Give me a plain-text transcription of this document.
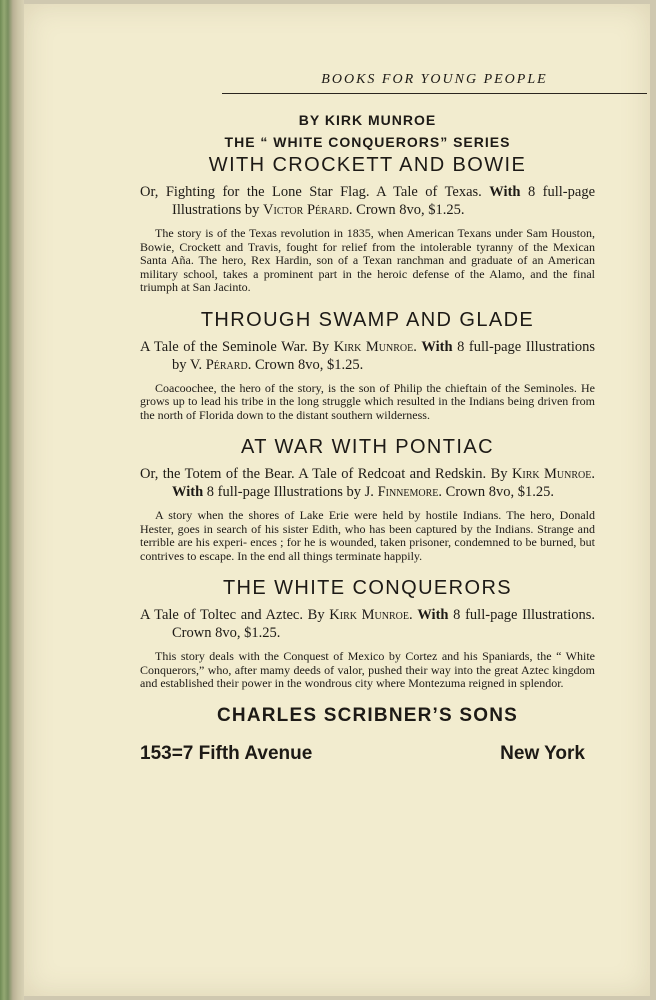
BOOKS FOR YOUNG PEOPLE
BY KIRK MUNROE
THE “ WHITE CONQUERORS” SERIES
WITH CROCKETT AND BOWIE

Or, Fighting for the Lone Star Flag. A Tale of Texas. With 8 full-page Illustrations by Victor Pérard. Crown 8vo, $1.25.

The story is of the Texas revolution in 1835, when American Texans under Sam Houston, Bowie, Crockett and Travis, fought for relief from the intolerable tyranny of the Mexican Santa Aña. The hero, Rex Hardin, son of a Texan ranchman and graduate of an American military school, takes a prominent part in the heroic defense of the Alamo, and the final triumph at San Jacinto.

THROUGH SWAMP AND GLADE

A Tale of the Seminole War. By Kirk Munroe. With 8 full-page Illustrations by V. Pérard. Crown 8vo, $1.25.

Coacoochee, the hero of the story, is the son of Philip the chieftain of the Seminoles. He grows up to lead his tribe in the long struggle which resulted in the Indians being driven from the north of Florida down to the distant southern wilderness.

AT WAR WITH PONTIAC

Or, the Totem of the Bear. A Tale of Redcoat and Redskin. By Kirk Munroe. With 8 full-page Illustrations by J. Finnemore. Crown 8vo, $1.25.

A story when the shores of Lake Erie were held by hostile Indians. The hero, Donald Hester, goes in search of his sister Edith, who has been captured by the Indians. Strange and terrible are his experi- ences ; for he is wounded, taken prisoner, condemned to be burned, but contrives to escape. In the end all things terminate happily.

THE WHITE CONQUERORS

A Tale of Toltec and Aztec. By Kirk Munroe. With 8 full-page Illustrations. Crown 8vo, $1.25.

This story deals with the Conquest of Mexico by Cortez and his Spaniards, the “ White Conquerors,” who, after mamy deeds of valor, pushed their way into the great Aztec kingdom and established their power in the wondrous city where Montezuma reigned in splendor.

CHARLES SCRIBNER’S SONS
153=7 Fifth Avenue	New York
